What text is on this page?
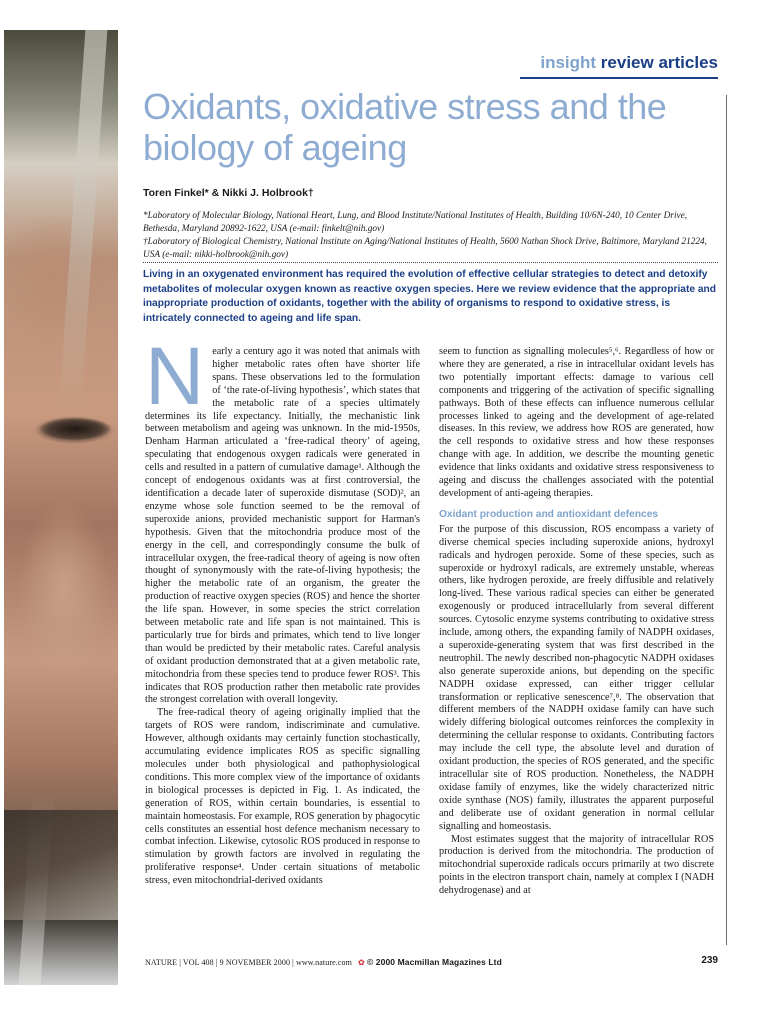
insight review articles
Oxidants, oxidative stress and the biology of ageing
Toren Finkel* & Nikki J. Holbrook†
*Laboratory of Molecular Biology, National Heart, Lung, and Blood Institute/National Institutes of Health, Building 10/6N-240, 10 Center Drive, Bethesda, Maryland 20892-1622, USA (e-mail: finkelt@nih.gov)
†Laboratory of Biological Chemistry, National Institute on Aging/National Institutes of Health, 5600 Nathan Shock Drive, Baltimore, Maryland 21224, USA (e-mail: nikki-holbrook@nih.gov)

Living in an oxygenated environment has required the evolution of effective cellular strategies to detect and detoxify metabolites of molecular oxygen known as reactive oxygen species. Here we review evidence that the appropriate and inappropriate production of oxidants, together with the ability of organisms to respond to oxidative stress, is intricately connected to ageing and life span.

Nearly a century ago it was noted that animals with higher metabolic rates often have shorter life spans. These observations led to the formulation of ‘the rate-of-living hypothesis’, which states that the metabolic rate of a species ultimately determines its life expectancy. Initially, the mechanistic link between metabolism and ageing was unknown. In the mid-1950s, Denham Harman articulated a ‘free-radical theory’ of ageing, speculating that endogenous oxygen radicals were generated in cells and resulted in a pattern of cumulative damage¹. Although the concept of endogenous oxidants was at first controversial, the identification a decade later of superoxide dismutase (SOD)², an enzyme whose sole function seemed to be the removal of superoxide anions, provided mechanistic support for Harman's hypothesis. Given that the mitochondria produce most of the energy in the cell, and correspondingly consume the bulk of intracellular oxygen, the free-radical theory of ageing is now often thought of synonymously with the rate-of-living hypothesis; the higher the metabolic rate of an organism, the greater the production of reactive oxygen species (ROS) and hence the shorter the life span. However, in some species the strict correlation between metabolic rate and life span is not maintained. This is particularly true for birds and primates, which tend to live longer than would be predicted by their metabolic rates. Careful analysis of oxidant production demonstrated that at a given metabolic rate, mitochondria from these species tend to produce fewer ROS³. This indicates that ROS production rather then metabolic rate provides the strongest correlation with overall longevity.

The free-radical theory of ageing originally implied that the targets of ROS were random, indiscriminate and cumulative. However, although oxidants may certainly function stochastically, accumulating evidence implicates ROS as specific signalling molecules under both physiological and pathophysiological conditions. This more complex view of the importance of oxidants in biological processes is depicted in Fig. 1. As indicated, the generation of ROS, within certain boundaries, is essential to maintain homeostasis. For example, ROS generation by phagocytic cells constitutes an essential host defence mechanism necessary to combat infection. Likewise, cytosolic ROS produced in response to stimulation by growth factors are involved in regulating the proliferative response⁴. Under certain situations of metabolic stress, even mitochondrial-derived oxidants

seem to function as signalling molecules⁵,⁶. Regardless of how or where they are generated, a rise in intracellular oxidant levels has two potentially important effects: damage to various cell components and triggering of the activation of specific signalling pathways. Both of these effects can influence numerous cellular processes linked to ageing and the development of age-related diseases. In this review, we address how ROS are generated, how the cell responds to oxidative stress and how these responses change with age. In addition, we describe the mounting genetic evidence that links oxidants and oxidative stress responsiveness to ageing and discuss the challenges associated with the potential development of anti-ageing therapies.

Oxidant production and antioxidant defences

For the purpose of this discussion, ROS encompass a variety of diverse chemical species including superoxide anions, hydroxyl radicals and hydrogen peroxide. Some of these species, such as superoxide or hydroxyl radicals, are extremely unstable, whereas others, like hydrogen peroxide, are freely diffusible and relatively long-lived. These various radical species can either be generated exogenously or produced intracellularly from several different sources. Cytosolic enzyme systems contributing to oxidative stress include, among others, the expanding family of NADPH oxidases, a superoxide-generating system that was first described in the neutrophil. The newly described non-phagocytic NADPH oxidases also generate superoxide anions, but depending on the specific NADPH oxidase expressed, can either trigger cellular transformation or replicative senescence⁷,⁸. The observation that different members of the NADPH oxidase family can have such widely differing biological outcomes reinforces the complexity in determining the cellular response to oxidants. Contributing factors may include the cell type, the absolute level and duration of oxidant production, the species of ROS generated, and the specific intracellular site of ROS production. Nonetheless, the NADPH oxidase family of enzymes, like the widely characterized nitric oxide synthase (NOS) family, illustrates the apparent purposeful and deliberate use of oxidant generation in normal cellular signalling and homeostasis.

Most estimates suggest that the majority of intracellular ROS production is derived from the mitochondria. The production of mitochondrial superoxide radicals occurs primarily at two discrete points in the electron transport chain, namely at complex I (NADH dehydrogenase) and at

NATURE | VOL 408 | 9 NOVEMBER 2000 | www.nature.com ✿ © 2000 Macmillan Magazines Ltd	239
